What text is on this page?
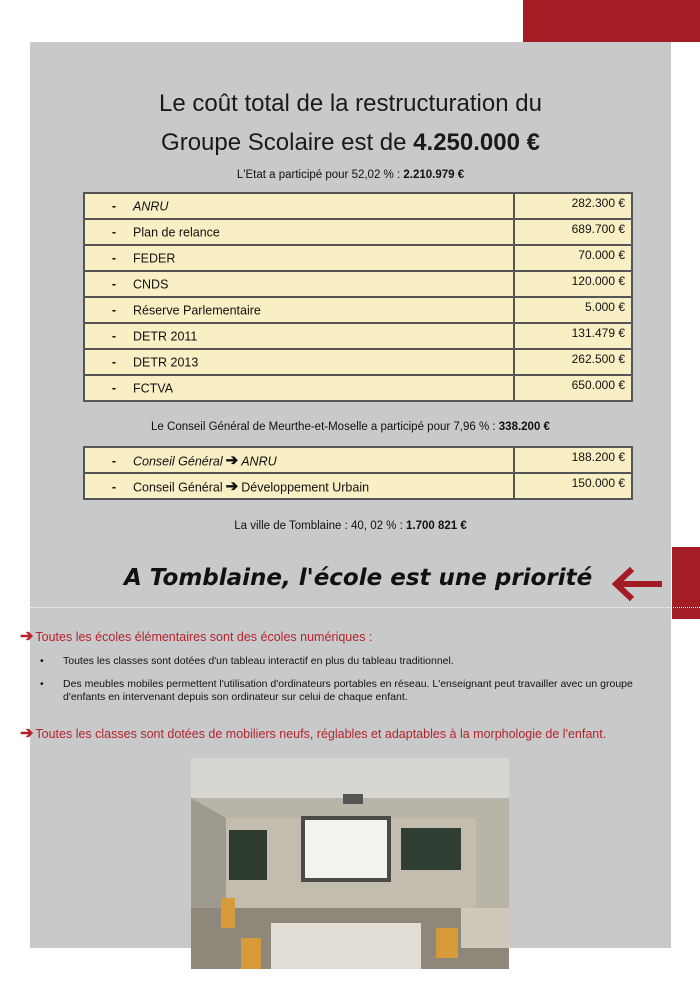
Le coût total de la restructuration du
Groupe Scolaire est de 4.250.000 €
L'Etat a participé pour 52,02 % : 2.210.979 €
- ANRU	282.300 €
- Plan de relance	689.700 €
- FEDER	70.000 €
- CNDS	120.000 €
- Réserve Parlementaire	5.000 €
- DETR 2011	131.479 €
- DETR 2013	262.500 €
- FCTVA	650.000 €
Le Conseil Général de Meurthe-et-Moselle a participé pour 7,96 % : 338.200 €
- Conseil Général ➔ ANRU	188.200 €
- Conseil Général ➔ Développement Urbain	150.000 €
La ville de Tomblaine : 40, 02 % : 1.700 821 €
A Tomblaine, l'école est une priorité
➔ Toutes les écoles élémentaires sont des écoles numériques :
• Toutes les classes sont dotées d'un tableau interactif en plus du tableau traditionnel.
• Des meubles mobiles permettent l'utilisation d'ordinateurs portables en réseau. L'enseignant peut travailler avec un groupe d'enfants en intervenant depuis son ordinateur sur celui de chaque enfant.
➔ Toutes les classes sont dotées de mobiliers neufs, réglables et adaptables à la morphologie de l'enfant.
